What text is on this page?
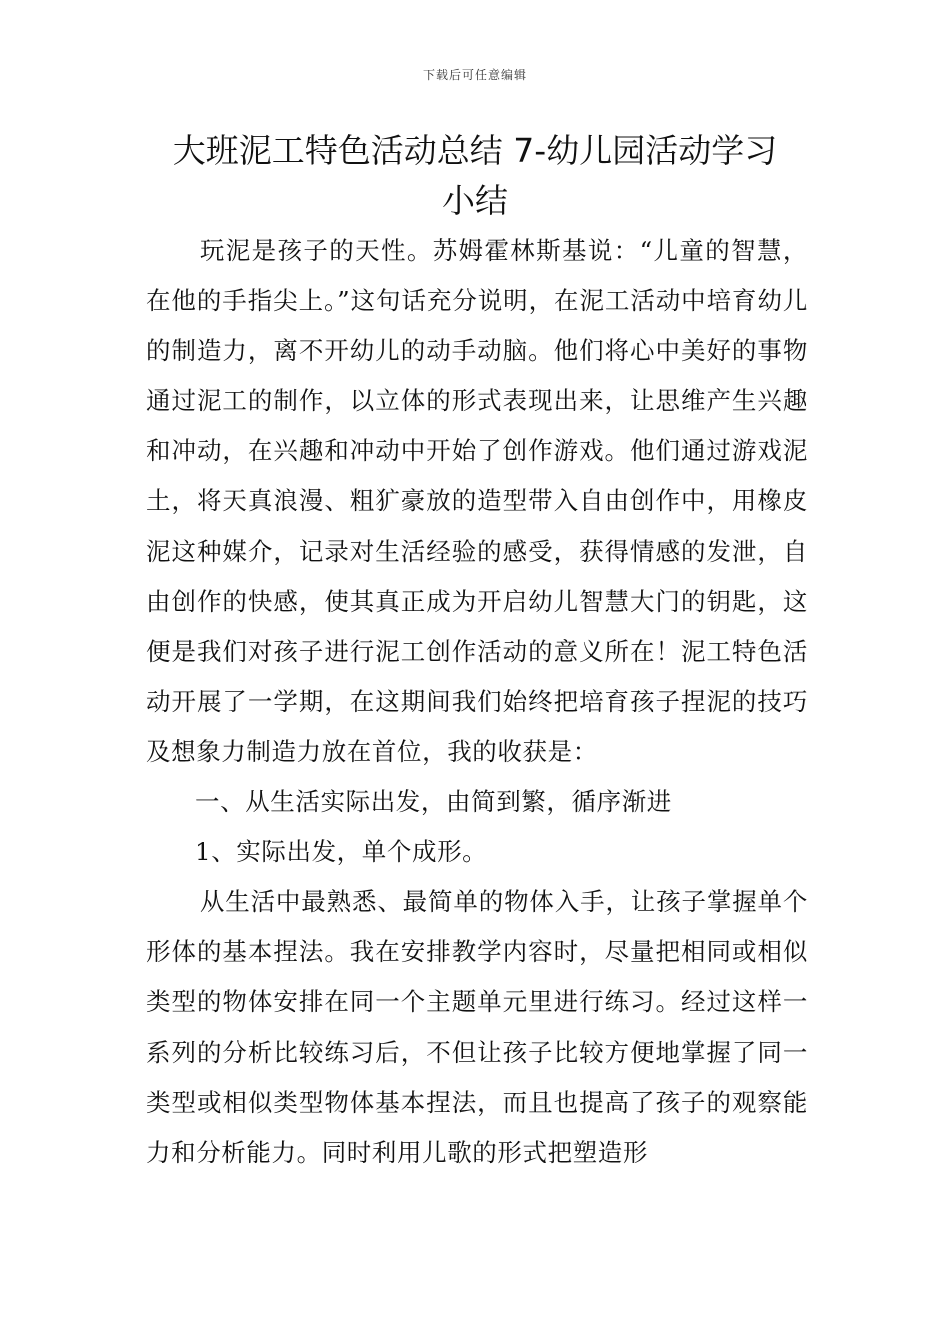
下载后可任意编辑
大班泥工特色活动总结 7-幼儿园活动学习
小结

玩泥是孩子的天性。苏姆霍林斯基说：“儿童的智慧，在他的手指尖上。”这句话充分说明，在泥工活动中培育幼儿的制造力，离不开幼儿的动手动脑。他们将心中美好的事物通过泥工的制作，以立体的形式表现出来，让思维产生兴趣和冲动，在兴趣和冲动中开始了创作游戏。他们通过游戏泥土，将天真浪漫、粗犷豪放的造型带入自由创作中，用橡皮泥这种媒介，记录对生活经验的感受，获得情感的发泄，自由创作的快感，使其真正成为开启幼儿智慧大门的钥匙，这便是我们对孩子进行泥工创作活动的意义所在！泥工特色活动开展了一学期，在这期间我们始终把培育孩子捏泥的技巧及想象力制造力放在首位，我的收获是：

一、从生活实际出发，由简到繁，循序渐进

1、实际出发，单个成形。

从生活中最熟悉、最简单的物体入手，让孩子掌握单个形体的基本捏法。我在安排教学内容时，尽量把相同或相似类型的物体安排在同一个主题单元里进行练习。经过这样一系列的分析比较练习后，不但让孩子比较方便地掌握了同一类型或相似类型物体基本捏法，而且也提高了孩子的观察能力和分析能力。同时利用儿歌的形式把塑造形
